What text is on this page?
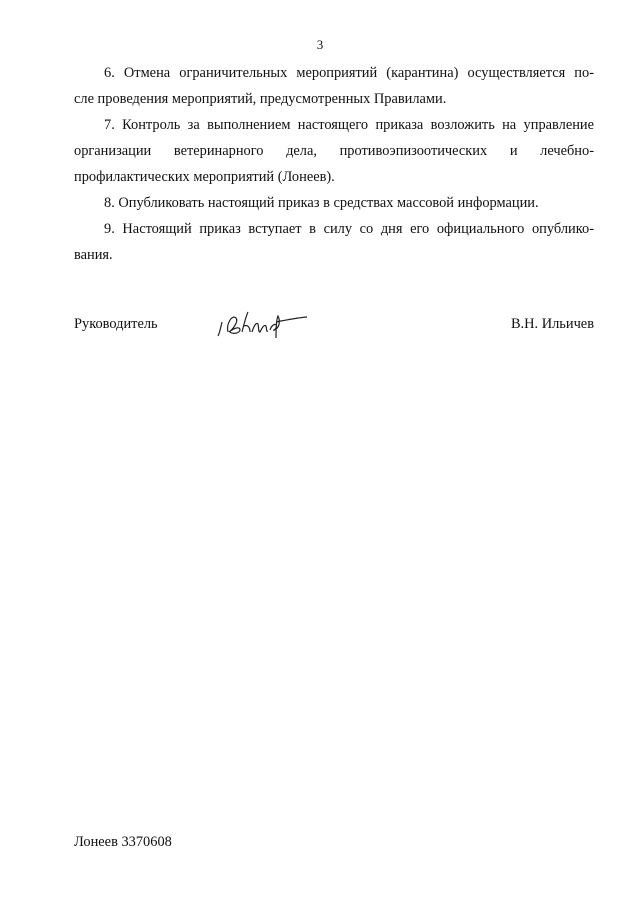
3
6. Отмена ограничительных мероприятий (карантина) осуществляется по-
сле проведения мероприятий, предусмотренных Правилами.
7. Контроль за выполнением настоящего приказа возложить на управление
организации ветеринарного дела, противоэпизоотических и лечебно-
профилактических мероприятий (Лонеев).
8. Опубликовать настоящий приказ в средствах массовой информации.
9. Настоящий приказ вступает в силу со дня его официального опублико-
вания.
Руководитель	В.Н. Ильичев
Лонеев 3370608
